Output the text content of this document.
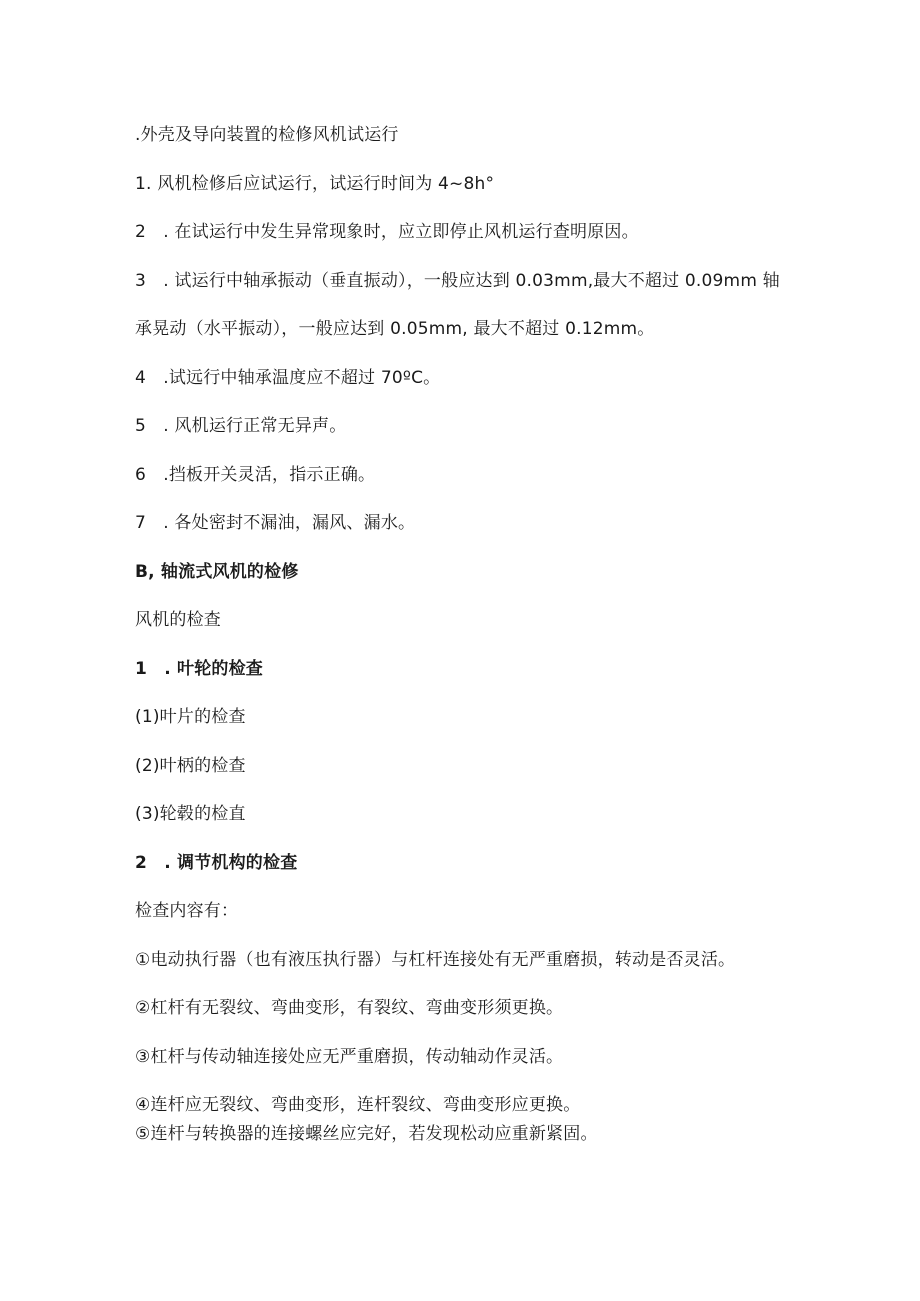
.外壳及导向装置的检修风机试运行

1. 风机检修后应试运行，试运行时间为 4~8h°

2　. 在试运行中发生异常现象时，应立即停止风机运行查明原因。

3　. 试运行中轴承振动（垂直振动），一般应达到 0.03mm,最大不超过 0.09mm 轴

承晃动（水平振动），一般应达到 0.05mm, 最大不超过 0.12mm。

4　.试远行中轴承温度应不超过 70ºC。

5　. 风机运行正常无异声。

6　.挡板开关灵活，指示正确。

7　. 各处密封不漏油，漏风、漏水。

B, 轴流式风机的检修

风机的检查

1　. 叶轮的检查

(1)叶片的检查

(2)叶柄的检查

(3)轮毂的检直

2　. 调节机构的检查

检查内容有：

①电动执行器（也有液压执行器）与杠杆连接处有无严重磨损，转动是否灵活。

②杠杆有无裂纹、弯曲变形，有裂纹、弯曲变形须更换。

③杠杆与传动轴连接处应无严重磨损，传动轴动作灵活。

④连杆应无裂纹、弯曲变形，连杆裂纹、弯曲变形应更换。

⑤连杆与转换器的连接螺丝应完好，若发现松动应重新紧固。
